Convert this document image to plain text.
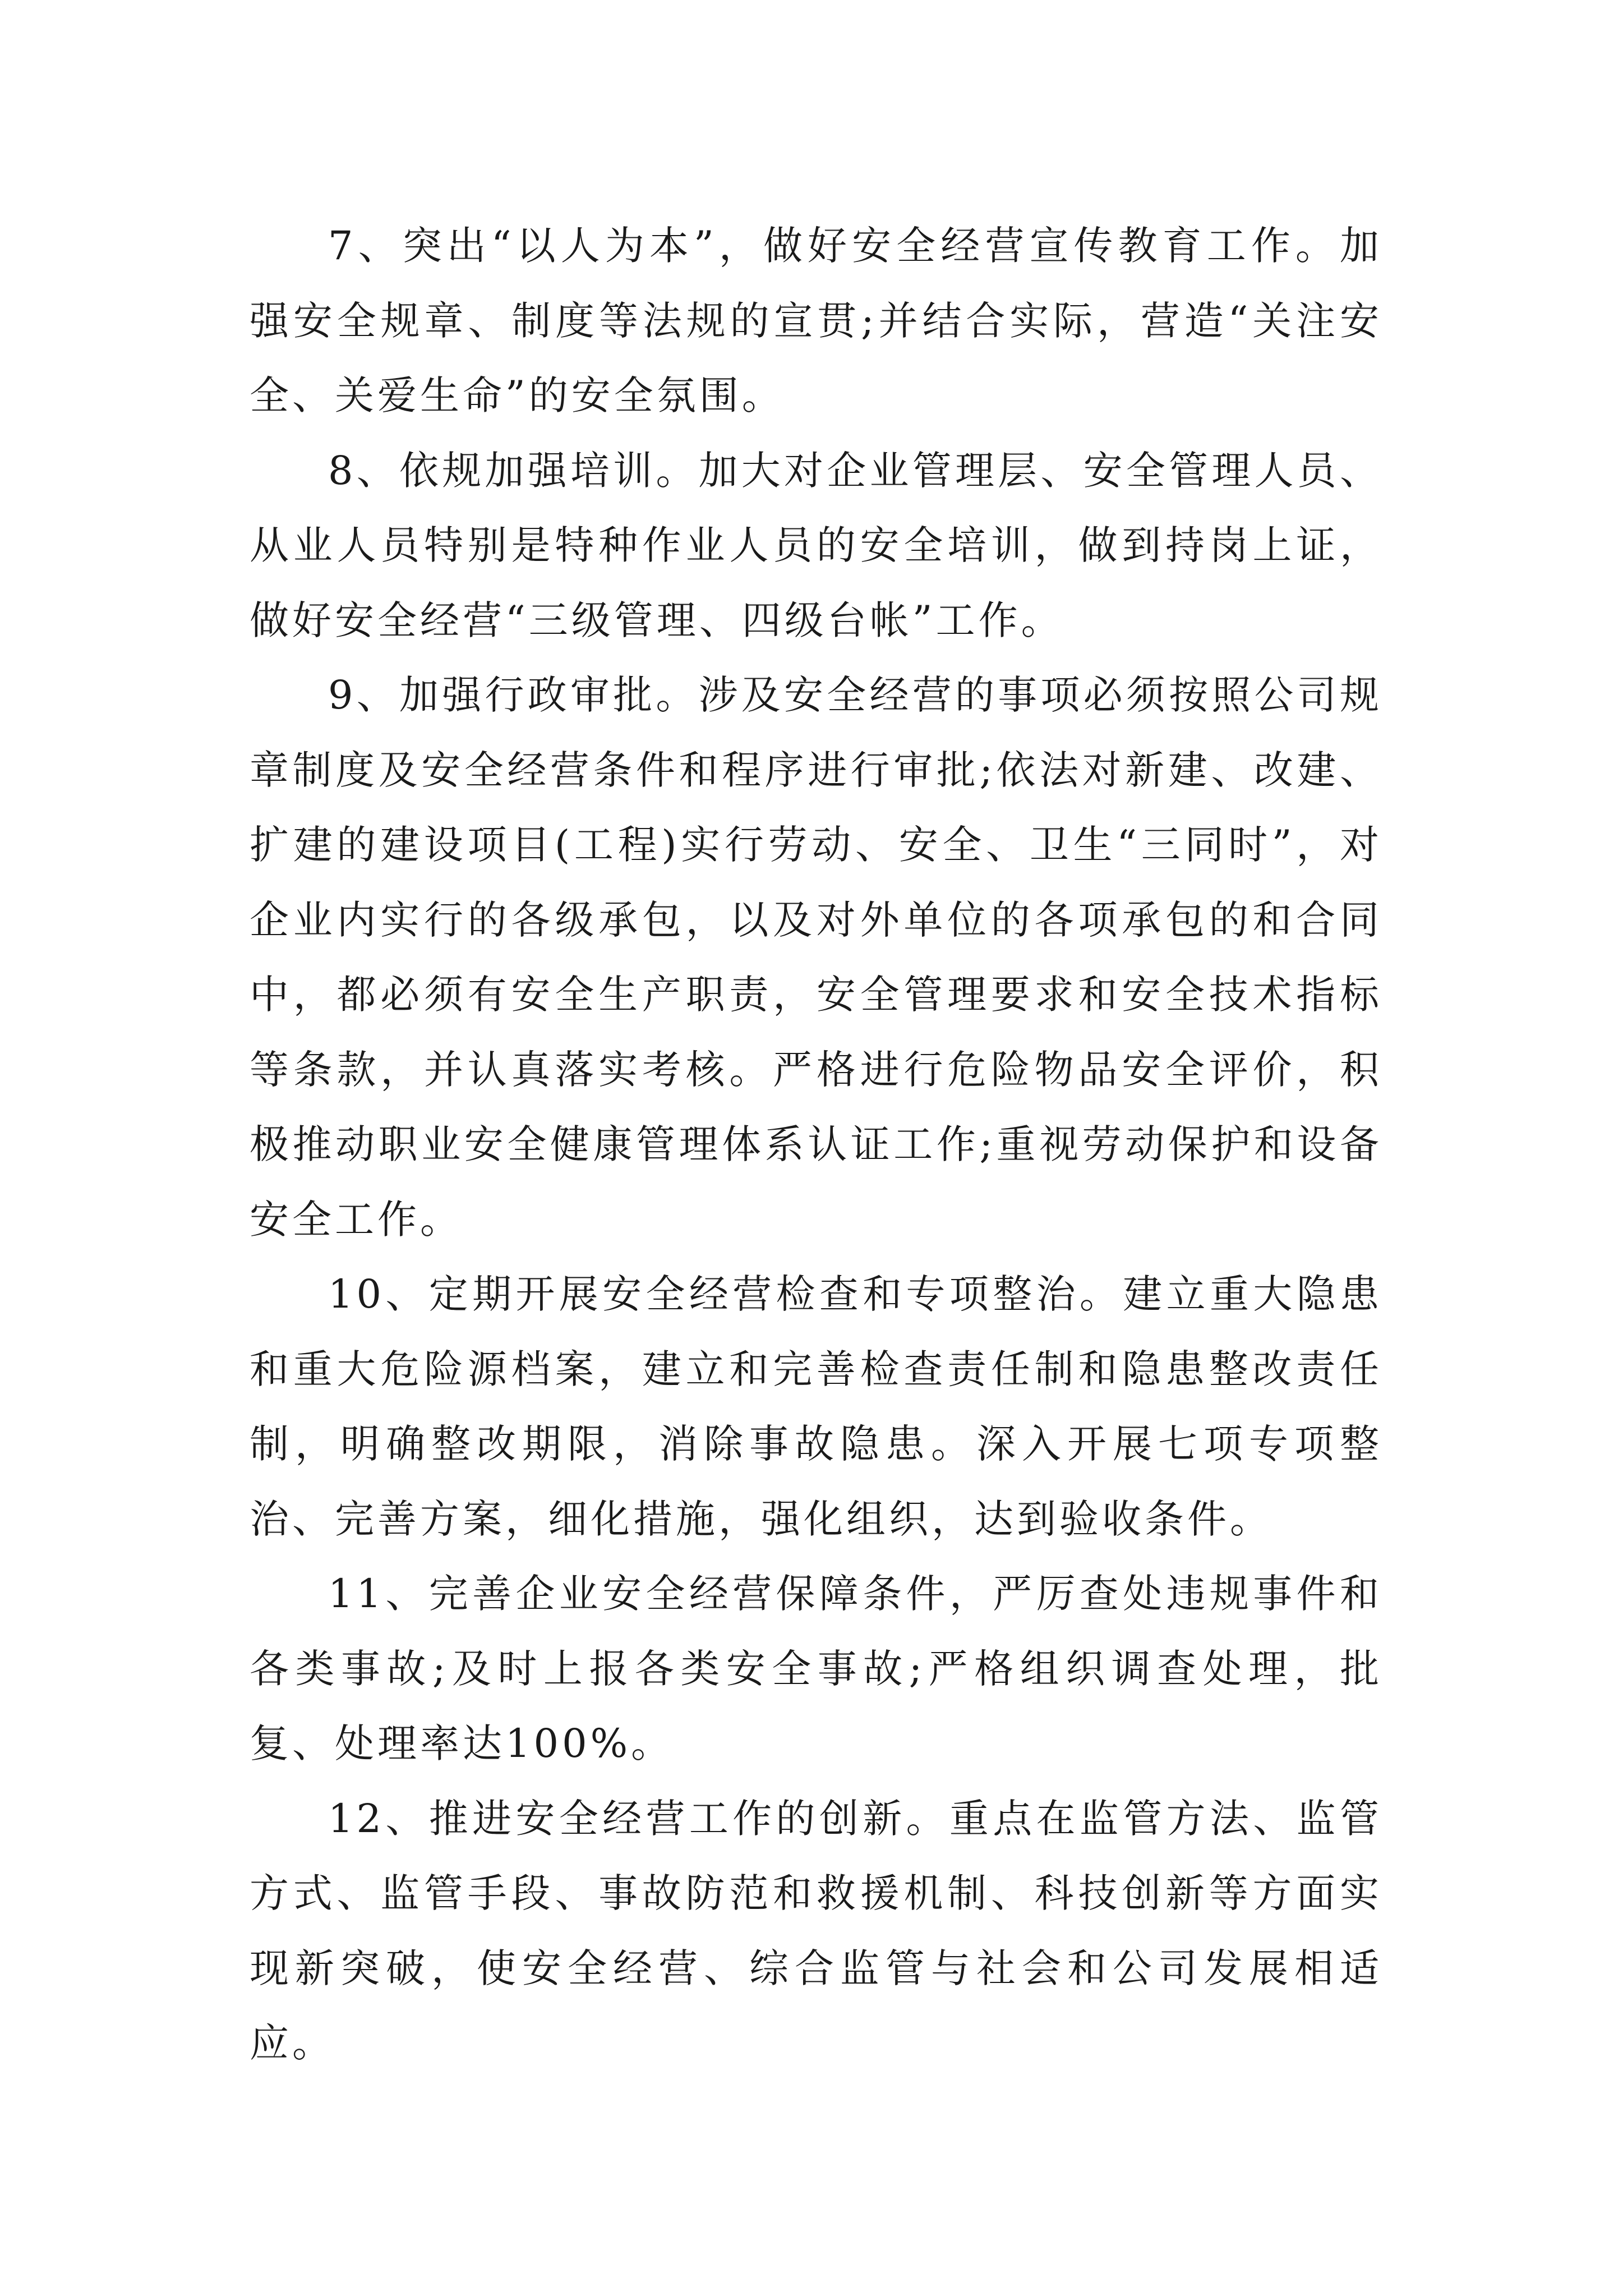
7、突出“以人为本”，做好安全经营宣传教育工作。加强安全规章、制度等法规的宣贯;并结合实际，营造“关注安全、关爱生命”的安全氛围。

8、依规加强培训。加大对企业管理层、安全管理人员、从业人员特别是特种作业人员的安全培训，做到持岗上证，做好安全经营“三级管理、四级台帐”工作。

9、加强行政审批。涉及安全经营的事项必须按照公司规章制度及安全经营条件和程序进行审批;依法对新建、改建、扩建的建设项目(工程)实行劳动、安全、卫生“三同时”，对企业内实行的各级承包，以及对外单位的各项承包的和合同中，都必须有安全生产职责，安全管理要求和安全技术指标等条款，并认真落实考核。严格进行危险物品安全评价，积极推动职业安全健康管理体系认证工作;重视劳动保护和设备安全工作。

10、定期开展安全经营检查和专项整治。建立重大隐患和重大危险源档案，建立和完善检查责任制和隐患整改责任制，明确整改期限，消除事故隐患。深入开展七项专项整治、完善方案，细化措施，强化组织，达到验收条件。

11、完善企业安全经营保障条件，严厉查处违规事件和各类事故;及时上报各类安全事故;严格组织调查处理，批复、处理率达100%。

12、推进安全经营工作的创新。重点在监管方法、监管方式、监管手段、事故防范和救援机制、科技创新等方面实现新突破，使安全经营、综合监管与社会和公司发展相适应。
